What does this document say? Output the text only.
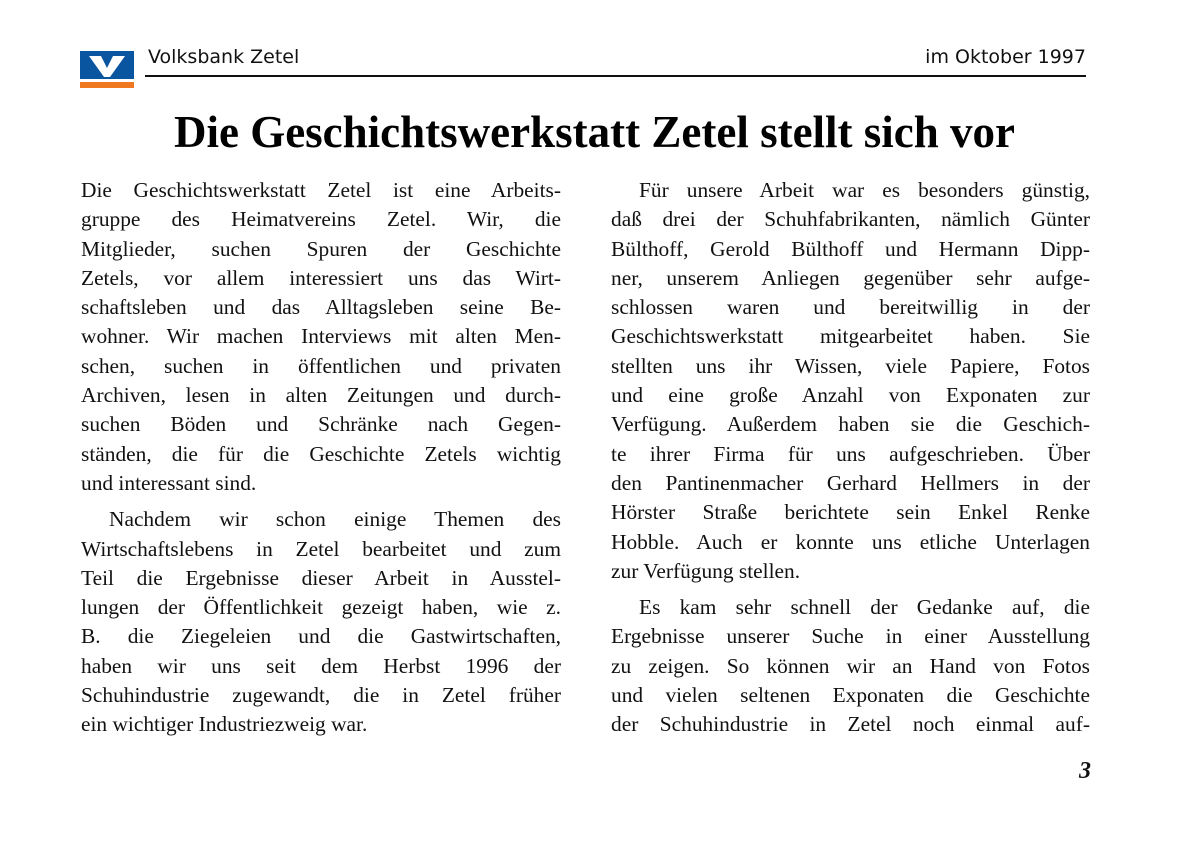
Volksbank Zetel	im Oktober 1997
Die Geschichtswerkstatt Zetel stellt sich vor

Die Geschichtswerkstatt Zetel ist eine Arbeits-
gruppe des Heimatvereins Zetel. Wir, die
Mitglieder, suchen Spuren der Geschichte
Zetels, vor allem interessiert uns das Wirt-
schaftsleben und das Alltagsleben seine Be-
wohner. Wir machen Interviews mit alten Men-
schen, suchen in öffentlichen und privaten
Archiven, lesen in alten Zeitungen und durch-
suchen Böden und Schränke nach Gegen-
ständen, die für die Geschichte Zetels wichtig
und interessant sind.

Nachdem wir schon einige Themen des
Wirtschaftslebens in Zetel bearbeitet und zum
Teil die Ergebnisse dieser Arbeit in Ausstel-
lungen der Öffentlichkeit gezeigt haben, wie z.
B. die Ziegeleien und die Gastwirtschaften,
haben wir uns seit dem Herbst 1996 der
Schuhindustrie zugewandt, die in Zetel früher
ein wichtiger Industriezweig war.

Für unsere Arbeit war es besonders günstig,
daß drei der Schuhfabrikanten, nämlich Günter
Bülthoff, Gerold Bülthoff und Hermann Dipp-
ner, unserem Anliegen gegenüber sehr aufge-
schlossen waren und bereitwillig in der
Geschichtswerkstatt mitgearbeitet haben. Sie
stellten uns ihr Wissen, viele Papiere, Fotos
und eine große Anzahl von Exponaten zur
Verfügung. Außerdem haben sie die Geschich-
te ihrer Firma für uns aufgeschrieben. Über
den Pantinenmacher Gerhard Hellmers in der
Hörster Straße berichtete sein Enkel Renke
Hobble. Auch er konnte uns etliche Unterlagen
zur Verfügung stellen.

Es kam sehr schnell der Gedanke auf, die
Ergebnisse unserer Suche in einer Ausstellung
zu zeigen. So können wir an Hand von Fotos
und vielen seltenen Exponaten die Geschichte
der Schuhindustrie in Zetel noch einmal auf-

3
